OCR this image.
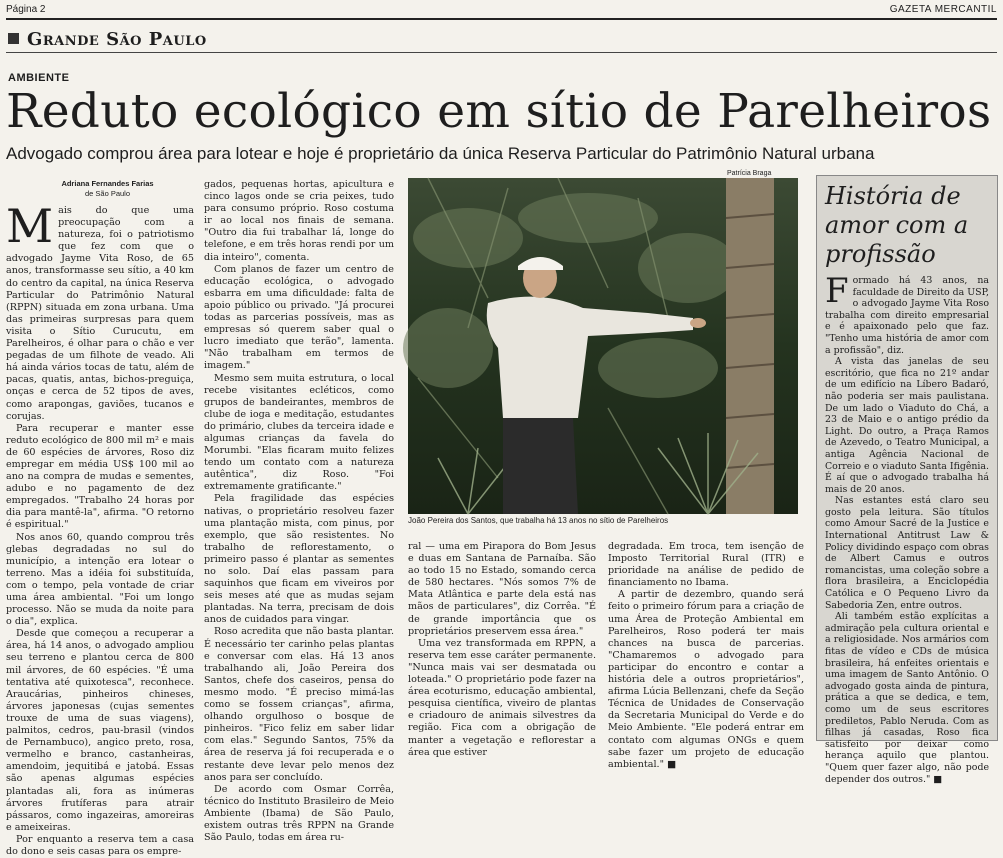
Página 2	GAZETA MERCANTIL
Grande São Paulo
AMBIENTE
Reduto ecológico em sítio de Parelheiros
Advogado comprou área para lotear e hoje é proprietário da única Reserva Particular do Patrimônio Natural urbana
Adriana Fernandes Farias
de São Paulo

Mais do que uma preocupação com a natureza, foi o patriotismo que fez com que o advogado Jayme Vita Roso, de 65 anos, transformasse seu sítio, a 40 km do centro da capital, na única Reserva Particular do Patrimônio Natural (RPPN) situada em zona urbana. Uma das primeiras surpresas para quem visita o Sítio Curucutu, em Parelheiros, é olhar para o chão e ver pegadas de um filhote de veado. Ali há ainda vários tocas de tatu, além de pacas, quatis, antas, bichos-preguiça, onças e cerca de 52 tipos de aves, como arapongas, gaviões, tucanos e corujas.

Para recuperar e manter esse reduto ecológico de 800 mil m² e mais de 60 espécies de árvores, Roso diz empregar em média US$ 100 mil ao ano na compra de mudas e sementes, adubo e no pagamento de dez empregados. "Trabalho 24 horas por dia para mantê-la", afirma. "O retorno é espiritual."

Nos anos 60, quando comprou três glebas degradadas no sul do município, a intenção era lotear o terreno. Mas a idéia foi substituída, com o tempo, pela vontade de criar uma área ambiental. "Foi um longo processo. Não se muda da noite para o dia", explica.

Desde que começou a recuperar a área, há 14 anos, o advogado ampliou seu terreno e plantou cerca de 800 mil árvores, de 60 espécies. "É uma tentativa até quixotesca", reconhece. Araucárias, pinheiros chineses, árvores japonesas (cujas sementes trouxe de uma de suas viagens), palmitos, cedros, pau-brasil (vindos de Pernambuco), angico preto, rosa, vermelho e branco, castanheiras, amendoim, jequitibá e jatobá. Essas são apenas algumas espécies plantadas ali, fora as inúmeras árvores frutíferas para atrair pássaros, como ingazeiras, amoreiras e ameixeiras.

Por enquanto a reserva tem a casa do dono e seis casas para os empre-

gados, pequenas hortas, apicultura e cinco lagos onde se cria peixes, tudo para consumo próprio. Roso costuma ir ao local nos finais de semana. "Outro dia fui trabalhar lá, longe do telefone, e em três horas rendi por um dia inteiro", comenta.

Com planos de fazer um centro de educação ecológica, o advogado esbarra em uma dificuldade: falta de apoio público ou privado. "Já procurei todas as parcerias possíveis, mas as empresas só querem saber qual o lucro imediato que terão", lamenta. "Não trabalham em termos de imagem."

Mesmo sem muita estrutura, o local recebe visitantes ecléticos, como grupos de bandeirantes, membros de clube de ioga e meditação, estudantes do primário, clubes da terceira idade e algumas crianças da favela do Morumbi. "Elas ficaram muito felizes tendo um contato com a natureza autêntica", diz Roso. "Foi extremamente gratificante."

Pela fragilidade das espécies nativas, o proprietário resolveu fazer uma plantação mista, com pinus, por exemplo, que são resistentes. No trabalho de reflorestamento, o primeiro passo é plantar as sementes no solo. Daí elas passam para saquinhos que ficam em viveiros por seis meses até que as mudas sejam plantadas. Na terra, precisam de dois anos de cuidados para vingar.

Roso acredita que não basta plantar. É necessário ter carinho pelas plantas e conversar com elas. Há 13 anos trabalhando ali, João Pereira dos Santos, chefe dos caseiros, pensa do mesmo modo. "É preciso mimá-las como se fossem crianças", afirma, olhando orgulhoso o bosque de pinheiros. "Fico feliz em saber lidar com elas." Segundo Santos, 75% da área de reserva já foi recuperada e o restante deve levar pelo menos dez anos para ser concluído.

De acordo com Osmar Corrêa, técnico do Instituto Brasileiro de Meio Ambiente (Ibama) de São Paulo, existem outras três RPPN na Grande São Paulo, todas em área ru-

Patrícia Braga
João Pereira dos Santos, que trabalha há 13 anos no sítio de Parelheiros

ral — uma em Pirapora do Bom Jesus e duas em Santana de Parnaíba. São ao todo 15 no Estado, somando cerca de 580 hectares. "Nós somos 7% de Mata Atlântica e parte dela está nas mãos de particulares", diz Corrêa. "É de grande importância que os proprietários preservem essa área."

Uma vez transformada em RPPN, a reserva tem esse caráter permanente. "Nunca mais vai ser desmatada ou loteada." O proprietário pode fazer na área ecoturismo, educação ambiental, pesquisa científica, viveiro de plantas e criadouro de animais silvestres da região. Fica com a obrigação de manter a vegetação e reflorestar a área que estiver

degradada. Em troca, tem isenção de Imposto Territorial Rural (ITR) e prioridade na análise de pedido de financiamento no Ibama.

A partir de dezembro, quando será feito o primeiro fórum para a criação de uma Área de Proteção Ambiental em Parelheiros, Roso poderá ter mais chances na busca de parcerias. "Chamaremos o advogado para participar do encontro e contar a história dele a outros proprietários", afirma Lúcia Bellenzani, chefe da Seção Técnica de Unidades de Conservação da Secretaria Municipal do Verde e do Meio Ambiente. "Ele poderá entrar em contato com algumas ONGs e quem sabe fazer um projeto de educação ambiental." ■

História de amor com a profissão

Formado há 43 anos, na faculdade de Direito da USP, o advogado Jayme Vita Roso trabalha com direito empresarial e é apaixonado pelo que faz. "Tenho uma história de amor com a profissão", diz.

A vista das janelas de seu escritório, que fica no 21º andar de um edifício na Líbero Badaró, não poderia ser mais paulistana. De um lado o Viaduto do Chá, a 23 de Maio e o antigo prédio da Light. Do outro, a Praça Ramos de Azevedo, o Teatro Municipal, a antiga Agência Nacional de Correio e o viaduto Santa Ifigênia. É aí que o advogado trabalha há mais de 20 anos.

Nas estantes está claro seu gosto pela leitura. São títulos como Amour Sacré de la Justice e International Antitrust Law & Policy dividindo espaço com obras de Albert Camus e outros romancistas, uma coleção sobre a flora brasileira, a Enciclopédia Católica e O Pequeno Livro da Sabedoria Zen, entre outros.

Ali também estão explícitas a admiração pela cultura oriental e a religiosidade. Nos armários com fitas de vídeo e CDs de música brasileira, há enfeites orientais e uma imagem de Santo Antônio. O advogado gosta ainda de pintura, prática a que se dedica, e tem, como um de seus escritores prediletos, Pablo Neruda. Com as filhas já casadas, Roso fica satisfeito por deixar como herança aquilo que plantou. "Quem quer fazer algo, não pode depender dos outros." ■
